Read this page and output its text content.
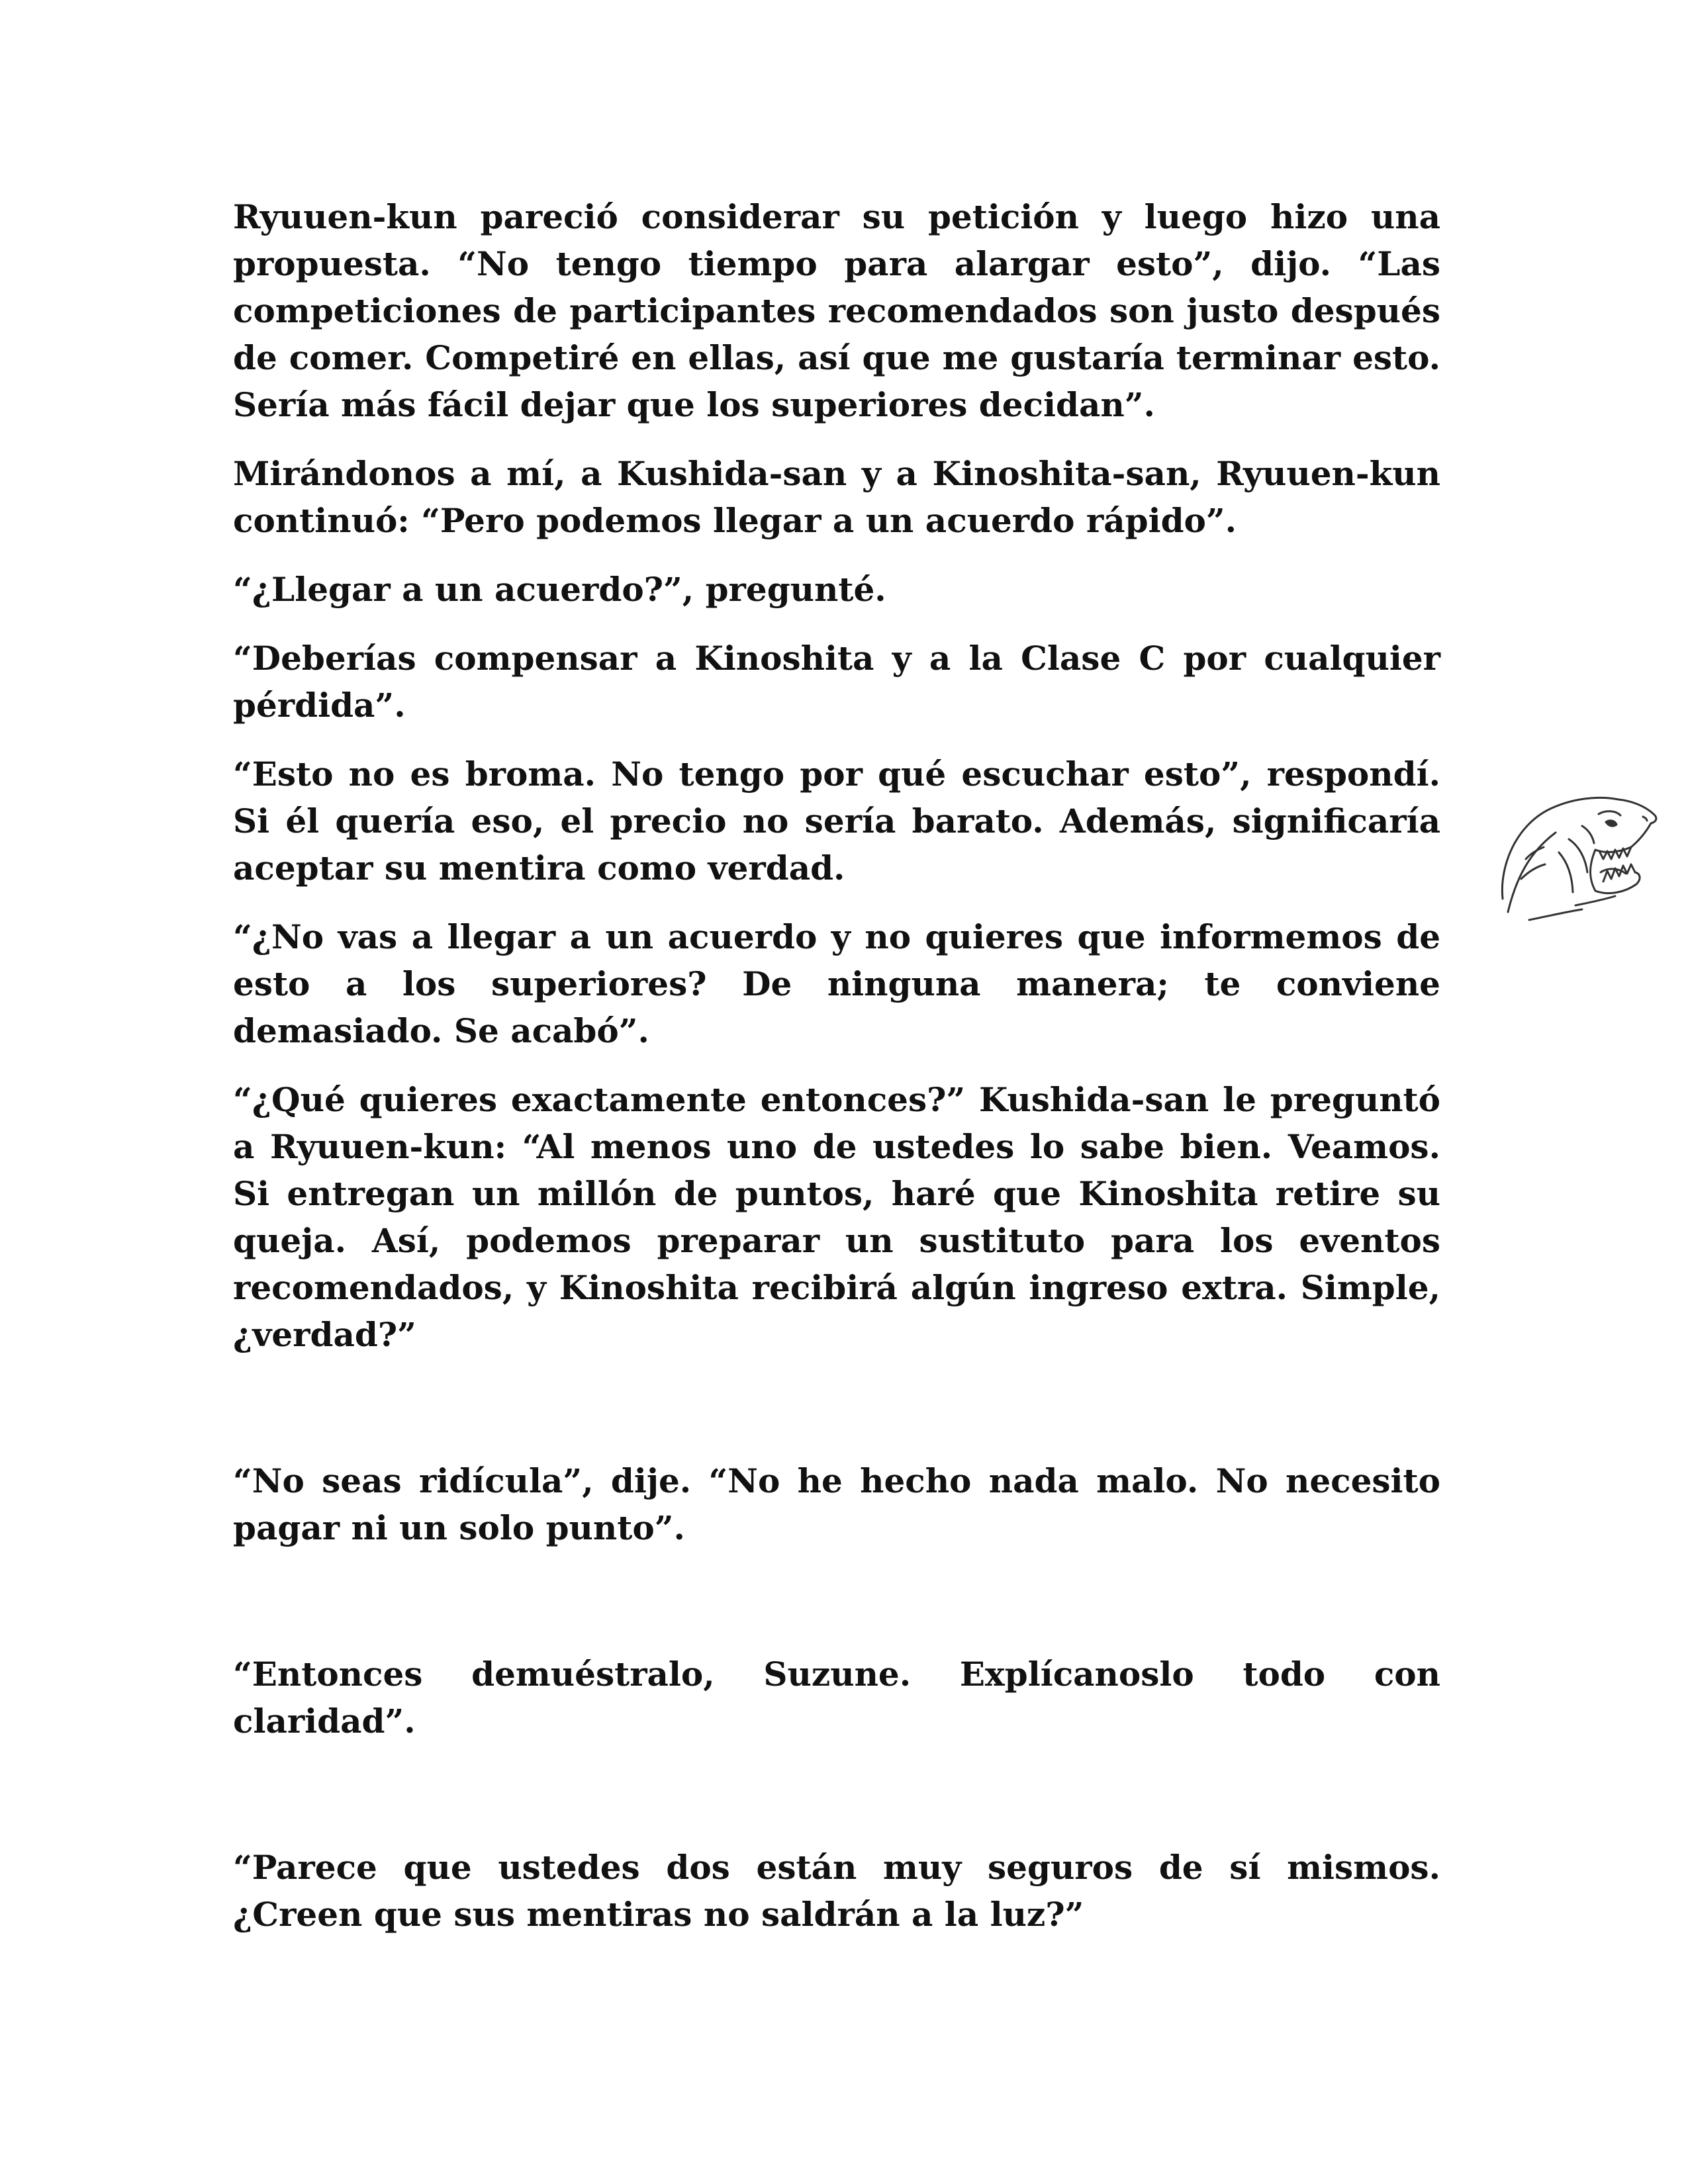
Ryuuen-kun pareció considerar su petición y luego hizo una propuesta. “No tengo tiempo para alargar esto”, dijo. “Las competiciones de participantes recomendados son justo después de comer. Competiré en ellas, así que me gustaría terminar esto. Sería más fácil dejar que los superiores decidan”.

Mirándonos a mí, a Kushida-san y a Kinoshita-san, Ryuuen-kun continuó: “Pero podemos llegar a un acuerdo rápido”.

“¿Llegar a un acuerdo?”, pregunté.

“Deberías compensar a Kinoshita y a la Clase C por cualquier pérdida”.

“Esto no es broma. No tengo por qué escuchar esto”, respondí. Si él quería eso, el precio no sería barato. Además, significaría aceptar su mentira como verdad.

“¿No vas a llegar a un acuerdo y no quieres que informemos de esto a los superiores? De ninguna manera; te conviene demasiado. Se acabó”.

“¿Qué quieres exactamente entonces?” Kushida-san le preguntó a Ryuuen-kun: “Al menos uno de ustedes lo sabe bien. Veamos. Si entregan un millón de puntos, haré que Kinoshita retire su queja. Así, podemos preparar un sustituto para los eventos recomendados, y Kinoshita recibirá algún ingreso extra. Simple, ¿verdad?”

“No seas ridícula”, dije. “No he hecho nada malo. No necesito pagar ni un solo punto”.

“Entonces demuéstralo, Suzune. Explícanoslo todo con claridad”.

“Parece que ustedes dos están muy seguros de sí mismos. ¿Creen que sus mentiras no saldrán a la luz?”
